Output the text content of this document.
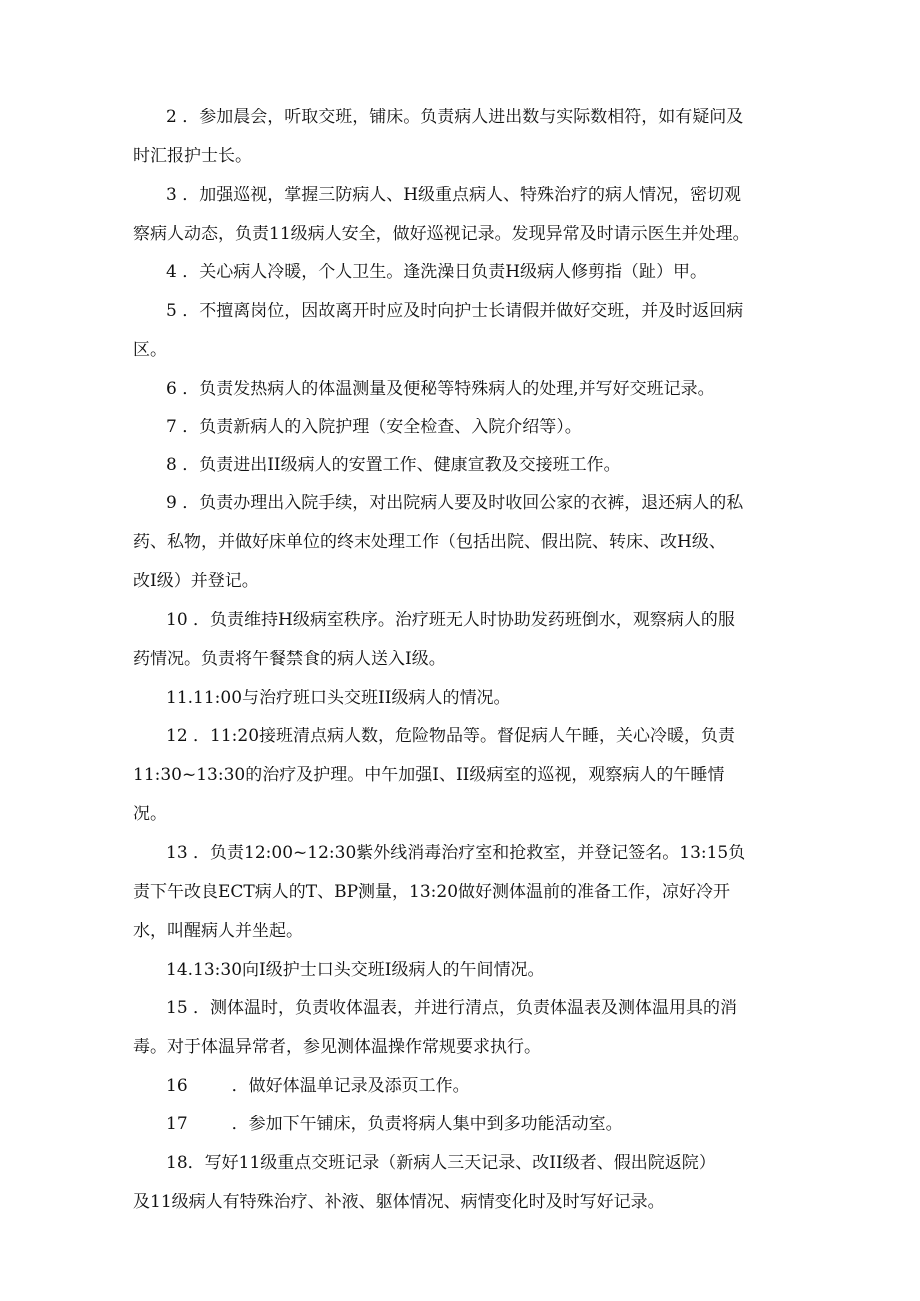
2 ．参加晨会，听取交班，铺床。负责病人进出数与实际数相符，如有疑问及
时汇报护士长。

3 ．加强巡视，掌握三防病人、H级重点病人、特殊治疗的病人情况，密切观
察病人动态，负责11级病人安全，做好巡视记录。发现异常及时请示医生并处理。

4 ．关心病人冷暖，个人卫生。逢洗澡日负责H级病人修剪指（趾）甲。

5 ．不擅离岗位，因故离开时应及时向护士长请假并做好交班，并及时返回病
区。

6 ．负责发热病人的体温测量及便秘等特殊病人的处理,并写好交班记录。

7 ．负责新病人的入院护理（安全检查、入院介绍等）。

8 ．负责进出II级病人的安置工作、健康宣教及交接班工作。

9 ．负责办理出入院手续，对出院病人要及时收回公家的衣裤，退还病人的私
药、私物，并做好床单位的终末处理工作（包括出院、假出院、转床、改H级、
改I级）并登记。

10 ．负责维持H级病室秩序。治疗班无人时协助发药班倒水，观察病人的服
药情况。负责将午餐禁食的病人送入I级。

11.11:00与治疗班口头交班II级病人的情况。

12 ．11:20接班清点病人数，危险物品等。督促病人午睡，关心冷暖，负责
11:30~13:30的治疗及护理。中午加强I、II级病室的巡视，观察病人的午睡情
况。

13 ．负责12:00~12:30紫外线消毒治疗室和抢救室，并登记签名。13:15负
责下午改良ECT病人的T、BP测量，13:20做好测体温前的准备工作，凉好冷开
水，叫醒病人并坐起。

14.13:30向I级护士口头交班I级病人的午间情况。

15 ．测体温时，负责收体温表，并进行清点，负责体温表及测体温用具的消
毒。对于体温异常者，参见测体温操作常规要求执行。

16	．做好体温单记录及添页工作。

17	．参加下午铺床，负责将病人集中到多功能活动室。

18．写好11级重点交班记录（新病人三天记录、改II级者、假出院返院）
及11级病人有特殊治疗、补液、躯体情况、病情变化时及时写好记录。
